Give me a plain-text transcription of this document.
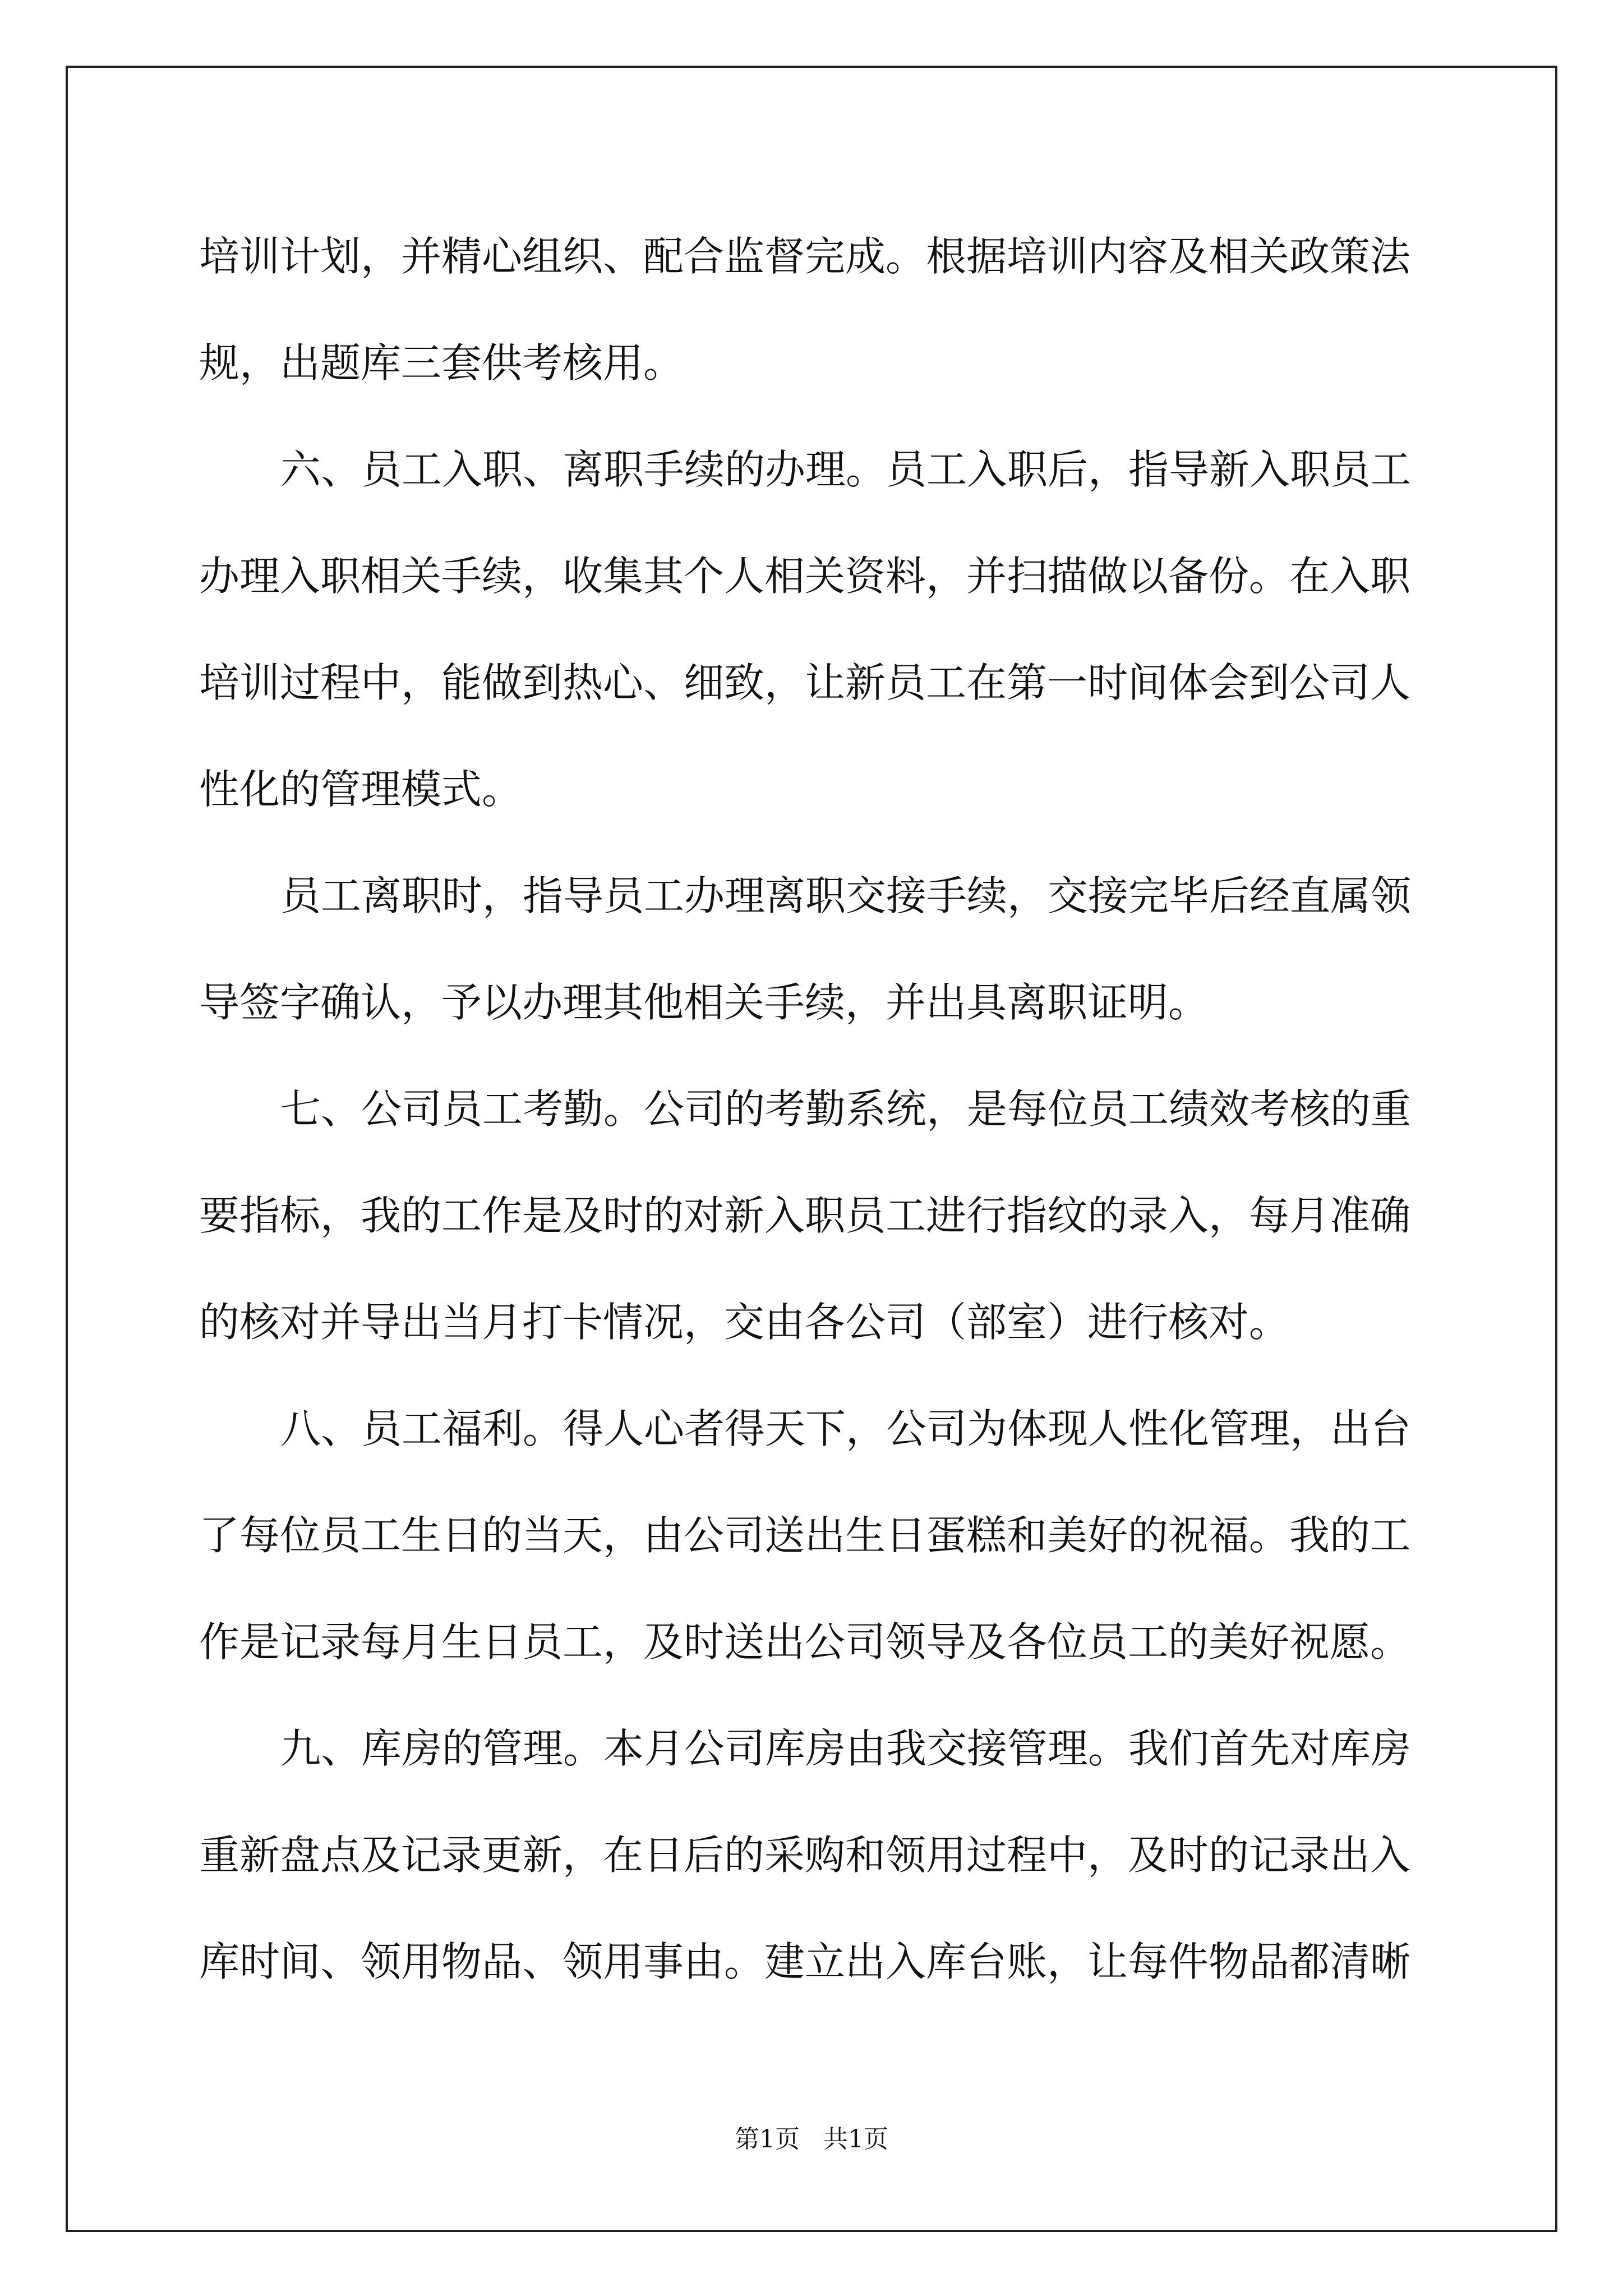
培训计划，并精心组织、配合监督完成。根据培训内容及相关政策法
规，出题库三套供考核用。
六、员工入职、离职手续的办理。员工入职后，指导新入职员工
办理入职相关手续，收集其个人相关资料，并扫描做以备份。在入职
培训过程中，能做到热心、细致，让新员工在第一时间体会到公司人
性化的管理模式。
员工离职时，指导员工办理离职交接手续，交接完毕后经直属领
导签字确认，予以办理其他相关手续，并出具离职证明。
七、公司员工考勤。公司的考勤系统，是每位员工绩效考核的重
要指标，我的工作是及时的对新入职员工进行指纹的录入，每月准确
的核对并导出当月打卡情况，交由各公司（部室）进行核对。
八、员工福利。得人心者得天下，公司为体现人性化管理，出台
了每位员工生日的当天，由公司送出生日蛋糕和美好的祝福。我的工
作是记录每月生日员工，及时送出公司领导及各位员工的美好祝愿。
九、库房的管理。本月公司库房由我交接管理。我们首先对库房
重新盘点及记录更新，在日后的采购和领用过程中，及时的记录出入
库时间、领用物品、领用事由。建立出入库台账，让每件物品都清晰
第1页 共1页
